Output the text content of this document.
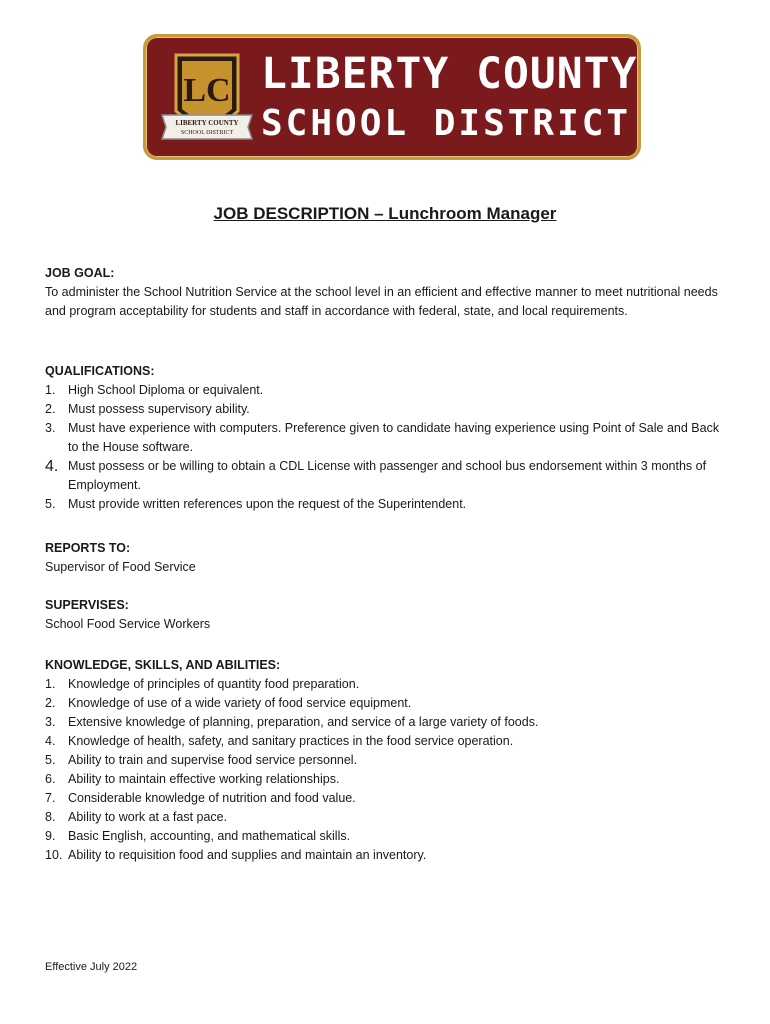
LC
LIBERTY COUNTY
SCHOOL DISTRICT
LIBERTY COUNTY
SCHOOL DISTRICT
JOB DESCRIPTION – Lunchroom Manager
JOB GOAL:

To administer the School Nutrition Service at the school level in an efficient and effective manner to meet nutritional needs and program acceptability for students and staff in accordance with federal, state, and local requirements.

QUALIFICATIONS:
1.	High School Diploma or equivalent.
2.	Must possess supervisory ability.
3.	Must have experience with computers. Preference given to candidate having experience using Point of Sale and Back to the House software.
4. Must possess or be willing to obtain a CDL License with passenger and school bus endorsement within 3 months of Employment.
5.	Must provide written references upon the request of the Superintendent.
REPORTS TO:

Supervisor of Food Service

SUPERVISES:

School Food Service Workers

KNOWLEDGE, SKILLS, AND ABILITIES:
1.	Knowledge of principles of quantity food preparation.
2.	Knowledge of use of a wide variety of food service equipment.
3.	Extensive knowledge of planning, preparation, and service of a large variety of foods.
4.	Knowledge of health, safety, and sanitary practices in the food service operation.
5.	Ability to train and supervise food service personnel.
6.	Ability to maintain effective working relationships.
7.	Considerable knowledge of nutrition and food value.
8.	Ability to work at a fast pace.
9.	Basic English, accounting, and mathematical skills.
10. Ability to requisition food and supplies and maintain an inventory.
Effective July 2022
